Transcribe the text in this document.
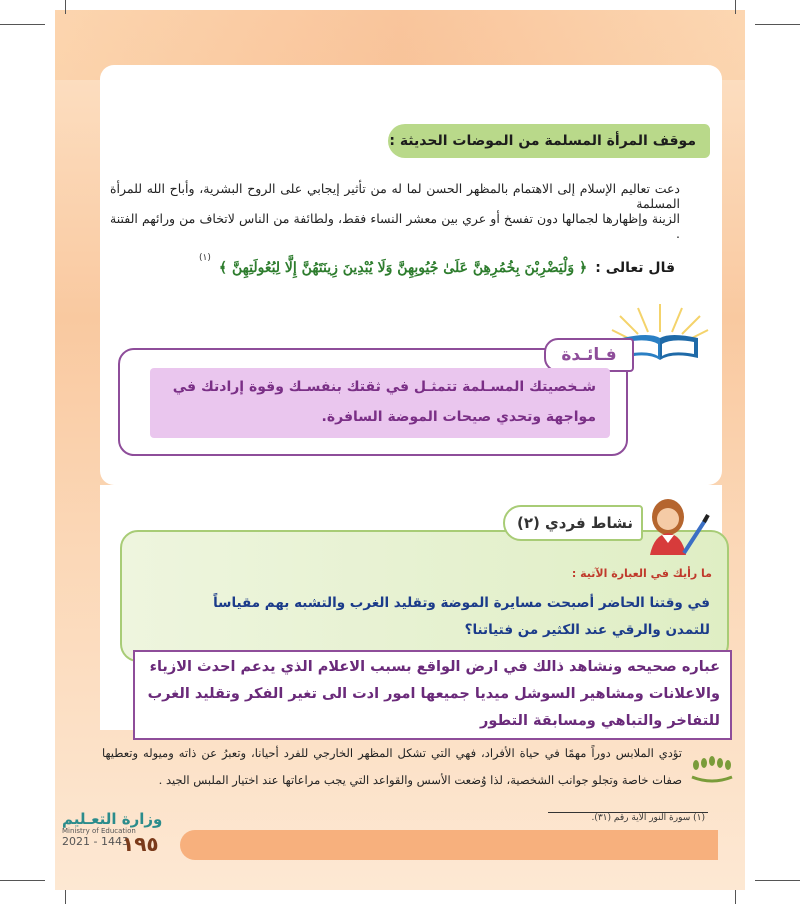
موقف المرأة المسلمة من الموضات الحديثة :
دعت تعاليم الإسلام إلى الاهتمام بالمظهر الحسن لما له من تأثير إيجابي على الروح البشرية، وأباح الله للمرأة المسلمة
الزينة وإظهارها لجمالها دون تفسخ أو عري بين معشر النساء فقط، ولطائفة من الناس لاتخاف من ورائهم الفتنة .
قال تعالى :
﴿ وَلْيَضْرِبْنَ بِخُمُرِهِنَّ عَلَىٰ جُيُوبِهِنَّ وَلَا يُبْدِينَ زِينَتَهُنَّ إِلَّا لِبُعُولَتِهِنَّ ﴾
(١)
فـائـدة
شـخصيتك المسـلمة تتمثـل في ثقتك بنفسـك وقوة إرادتك في مواجهة وتحدي صيحات الموضة السافرة.
نشاط فردي (٢)
ما رأيك في العبارة الآتية :
في وقتنا الحاضر أصبحت مسايرة الموضة وتقليد الغرب والتشبه بهم مقياساً للتمدن والرقي عند الكثير من فتياتنا؟
عباره صحيحه ونشاهد ذالك في ارض الواقع بسبب الاعلام الذي يدعم احدث الازياء والاعلانات ومشاهير السوشل ميديا جميعها امور ادت الى تغير الفكر وتقليد الغرب للتفاخر والتباهي ومسابقة التطور
تؤدي الملابس دوراً مهمًا في حياة الأفراد، فهي التي تشكل المظهر الخارجي للفرد أحيانا، وتعبرُ عن ذاته وميوله وتعطيها صفات خاصة وتجلو جوانب الشخصية، لذا وُضعت الأسس والقواعد التي يجب مراعاتها عند اختيار الملبس الجيد .
(١) سورة النور الآية رقم (٣١).
وزارة التعـليم
Ministry of Education
2021 - 1443
١٩٥
